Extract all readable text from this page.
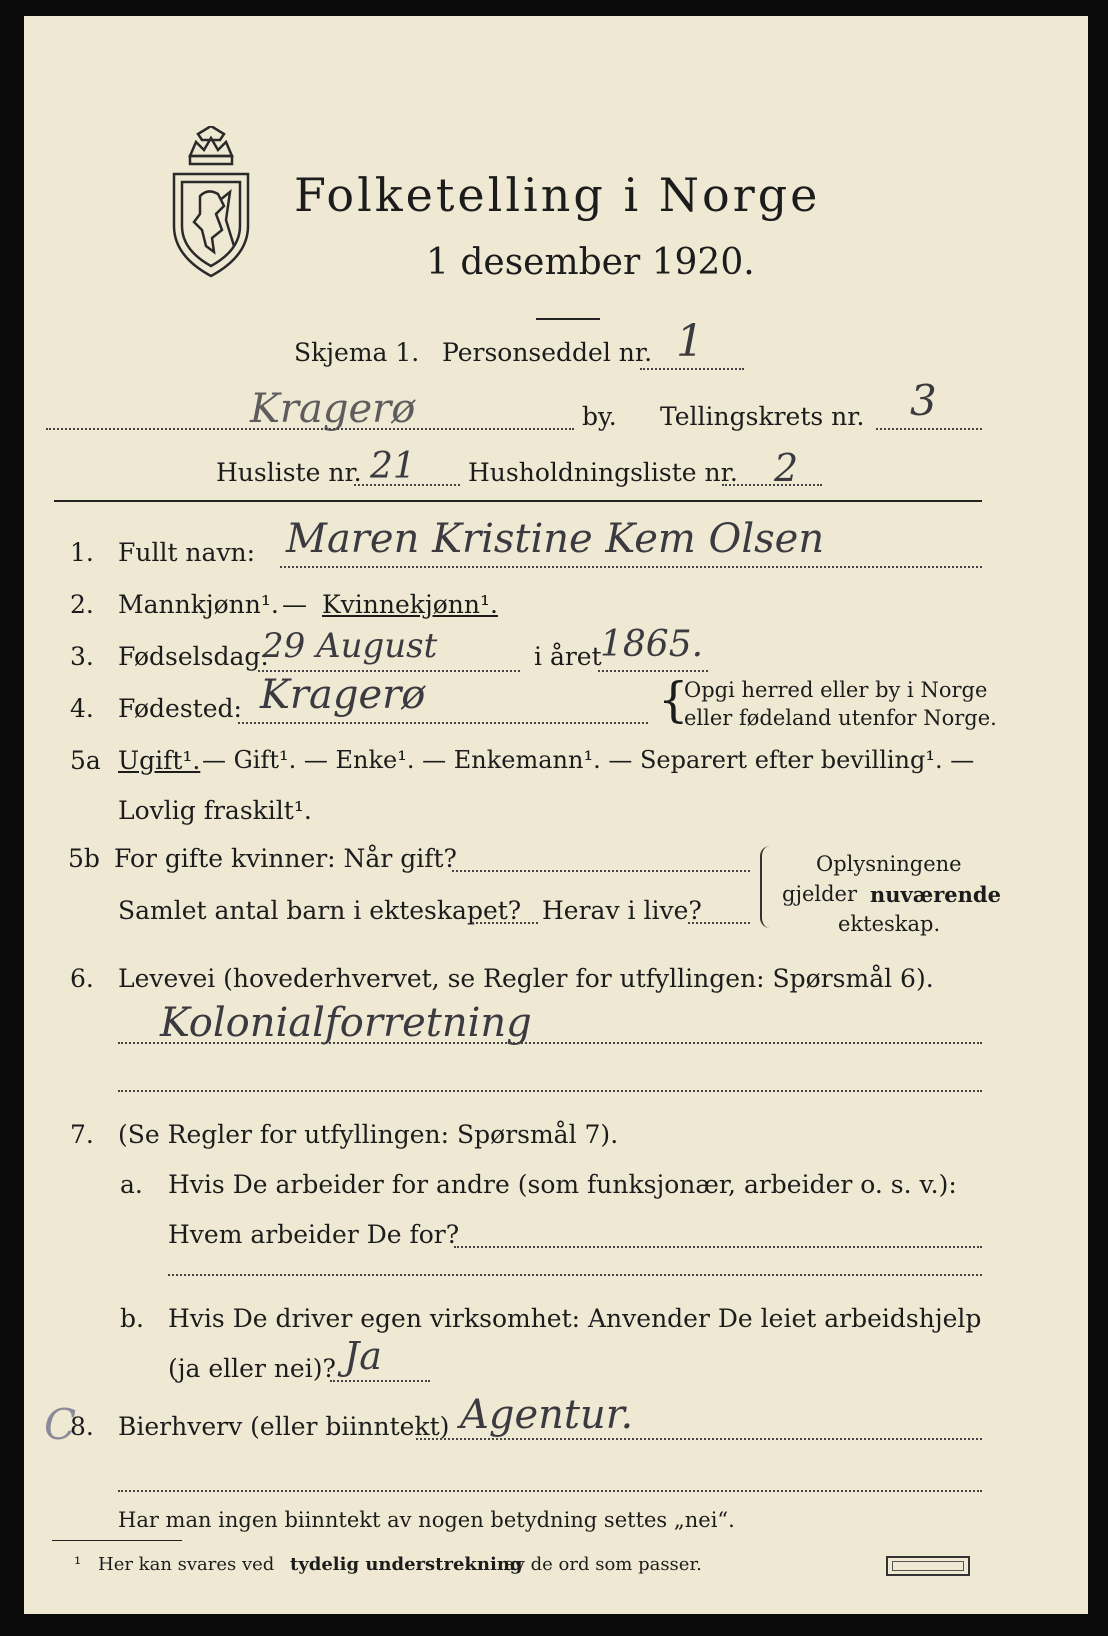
Folketelling i Norge
1 desember 1920.
Skjema 1. Personseddel nr. 1
Kragerø	by. Tellingskrets nr. 3
Husliste nr. 21 Husholdningsliste nr. 2
1. Fullt navn: Maren Kristine Kem Olsen
2. Mannkjønn¹. — Kvinnekjønn¹.
3. Fødselsdag:
29 August	i året
1865.
4. Fødested: Kragerø	{
Opgi herred eller by i Norge
eller fødeland utenfor Norge.
5a Ugift¹. — Gift¹. — Enke¹. — Enkemann¹. — Separert efter bevilling¹. —
Lovlig fraskilt¹.
5b For gifte kvinner: Når gift?
Samlet antal barn i ekteskapet? Herav i live?
Oplysningene
gjelder nuværende
ekteskap.
6. Levevei (hovederhvervet, se Regler for utfyllingen: Spørsmål 6).
Kolonialforretning
7. (Se Regler for utfyllingen: Spørsmål 7).
a. Hvis De arbeider for andre (som funksjonær, arbeider o. s. v.):
Hvem arbeider De for?
b. Hvis De driver egen virksomhet: Anvender De leiet arbeidshjelp
(ja eller nei)? Ja
C
8. Bierhverv (eller biinntekt) Agentur.
Har man ingen biinntekt av nogen betydning settes „nei“.
¹ Her kan svares ved tydelig understrekning
av de ord som passer.
